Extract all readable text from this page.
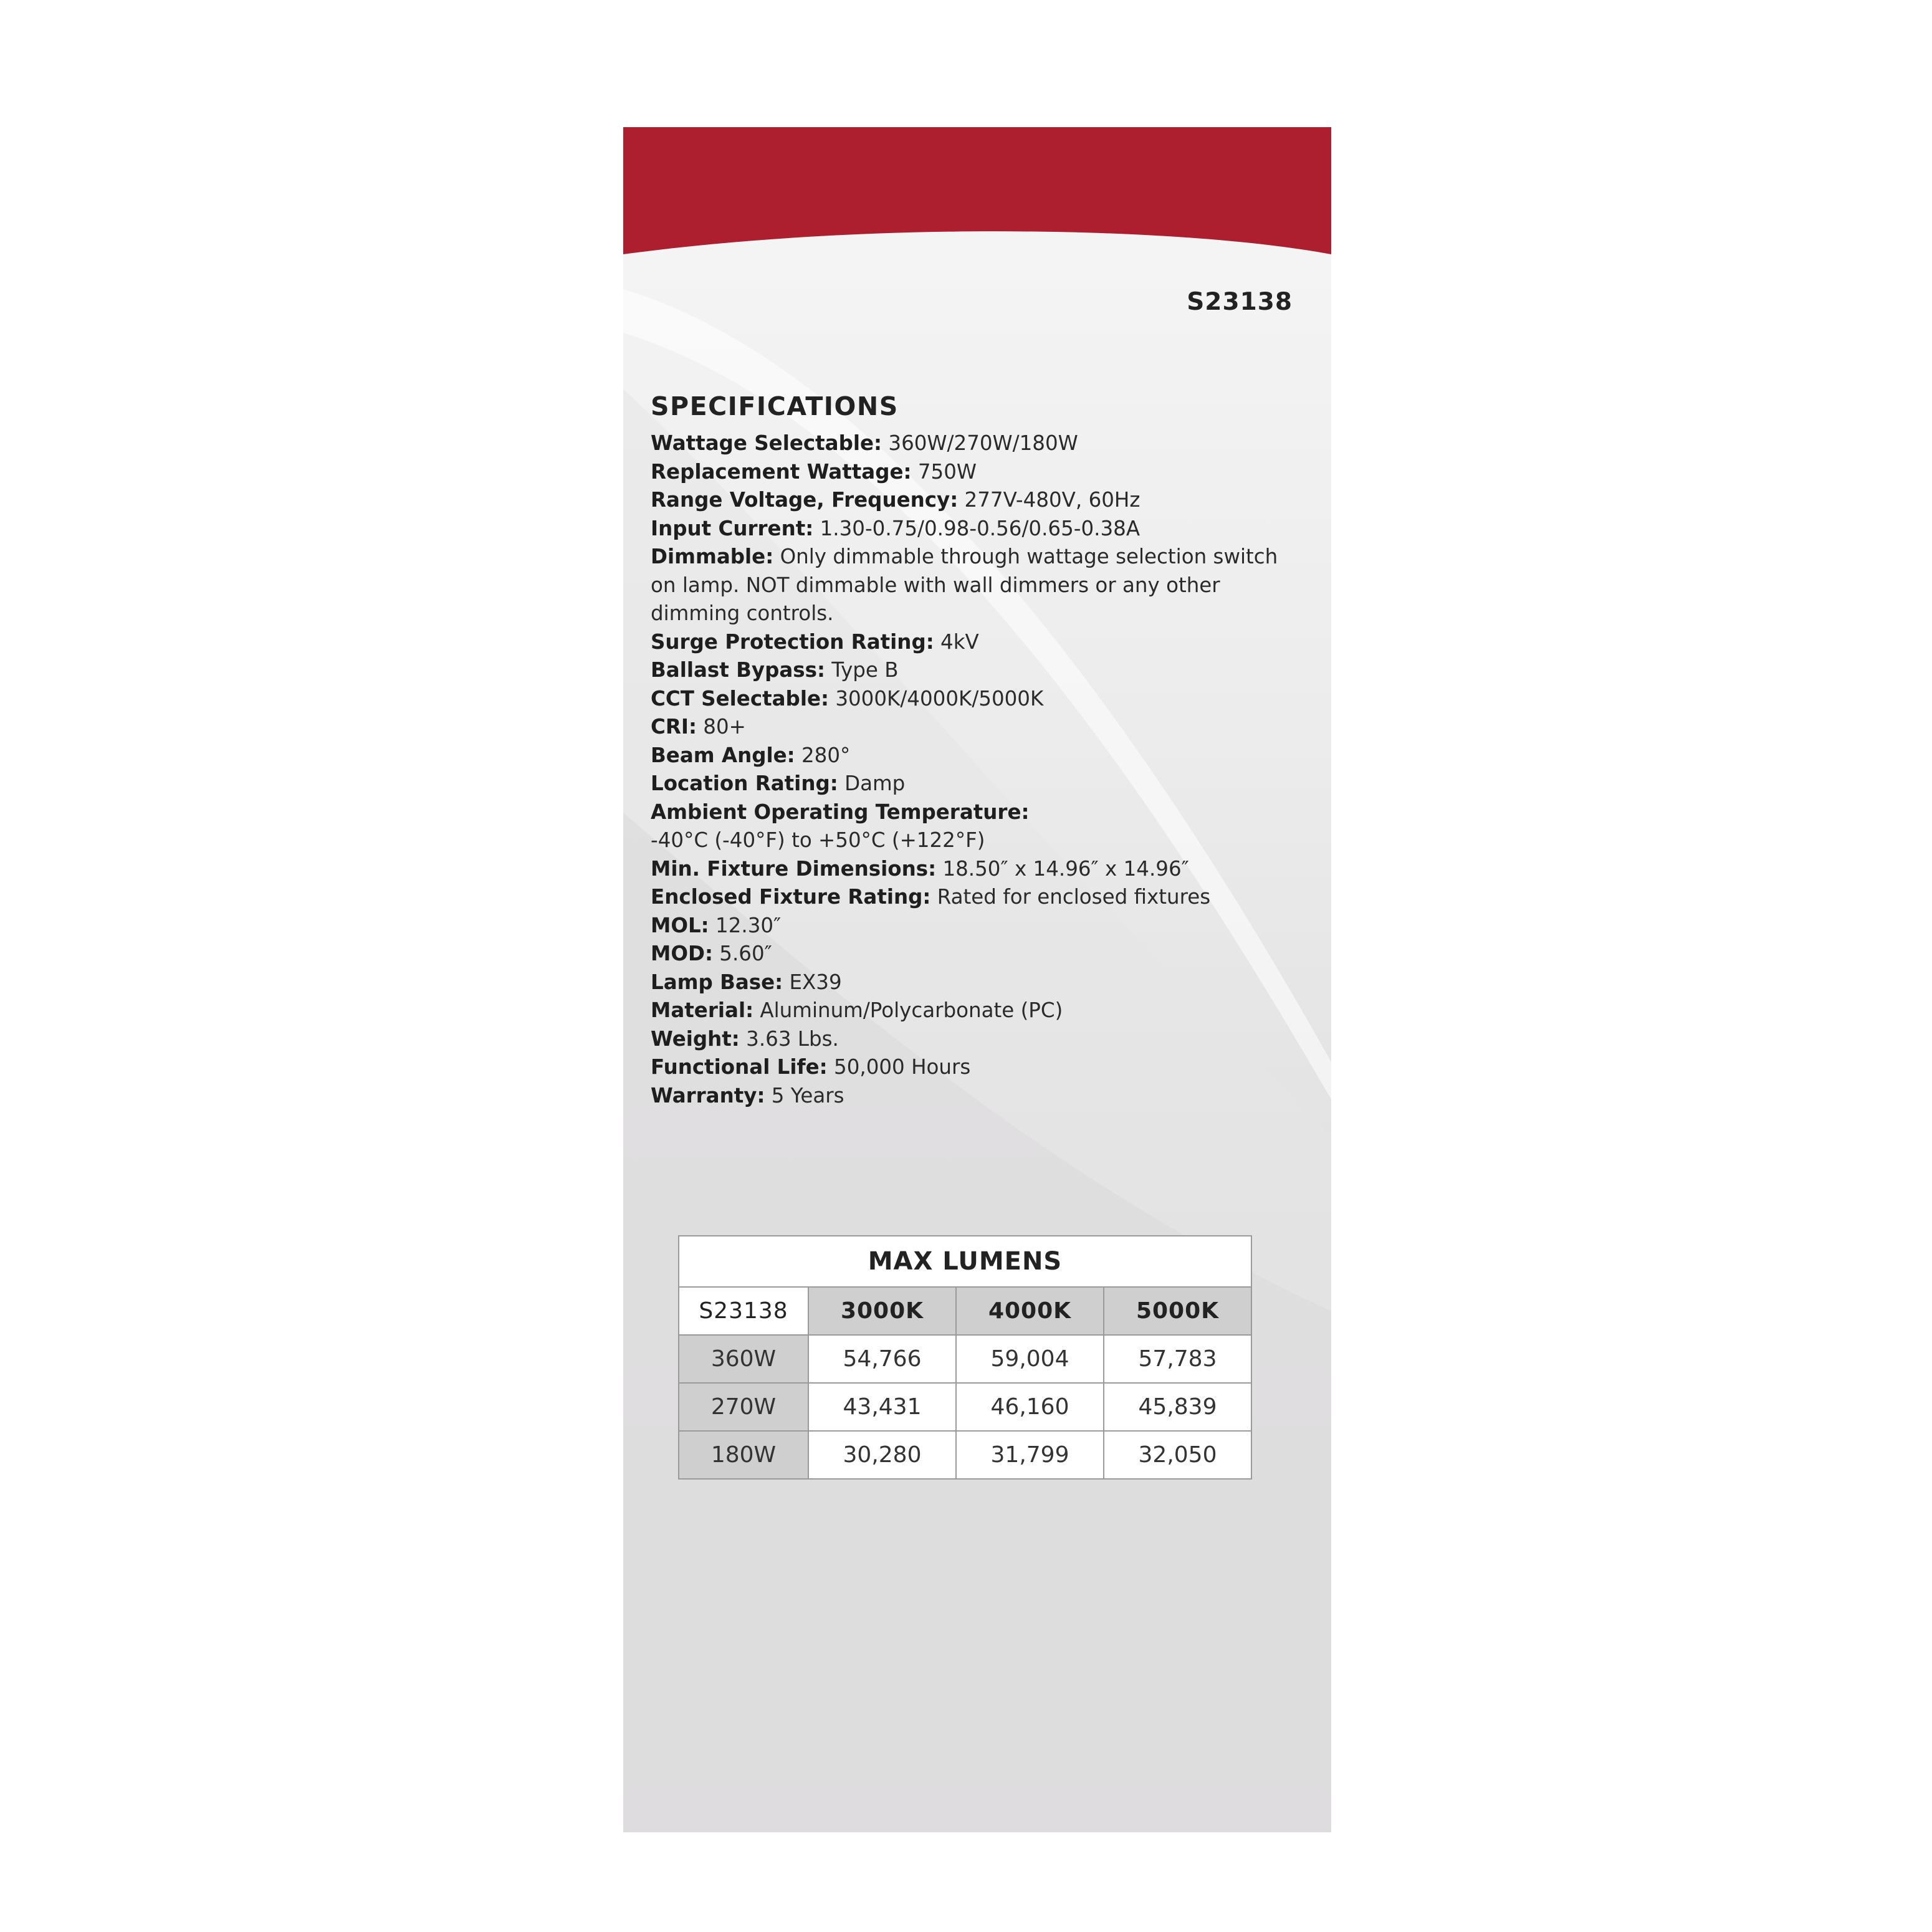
S23138
SPECIFICATIONS

Wattage Selectable: 360W/270W/180W

Replacement Wattage: 750W

Range Voltage, Frequency: 277V-480V, 60Hz

Input Current: 1.30-0.75/0.98-0.56/0.65-0.38A

Dimmable: Only dimmable through wattage selection switch

on lamp. NOT dimmable with wall dimmers or any other

dimming controls.

Surge Protection Rating: 4kV

Ballast Bypass: Type B

CCT Selectable: 3000K/4000K/5000K

CRI: 80+

Beam Angle: 280°

Location Rating: Damp

Ambient Operating Temperature:

-40°C (-40°F) to +50°C (+122°F)

Min. Fixture Dimensions: 18.50″ x 14.96″ x 14.96″

Enclosed Fixture Rating: Rated for enclosed fixtures

MOL: 12.30″

MOD: 5.60″

Lamp Base: EX39

Material: Aluminum/Polycarbonate (PC)

Weight: 3.63 Lbs.

Functional Life: 50,000 Hours

Warranty: 5 Years

MAX LUMENS			
S23138	3000K	4000K	5000K
360W	54,766	59,004	57,783
270W	43,431	46,160	45,839
180W	30,280	31,799	32,050
